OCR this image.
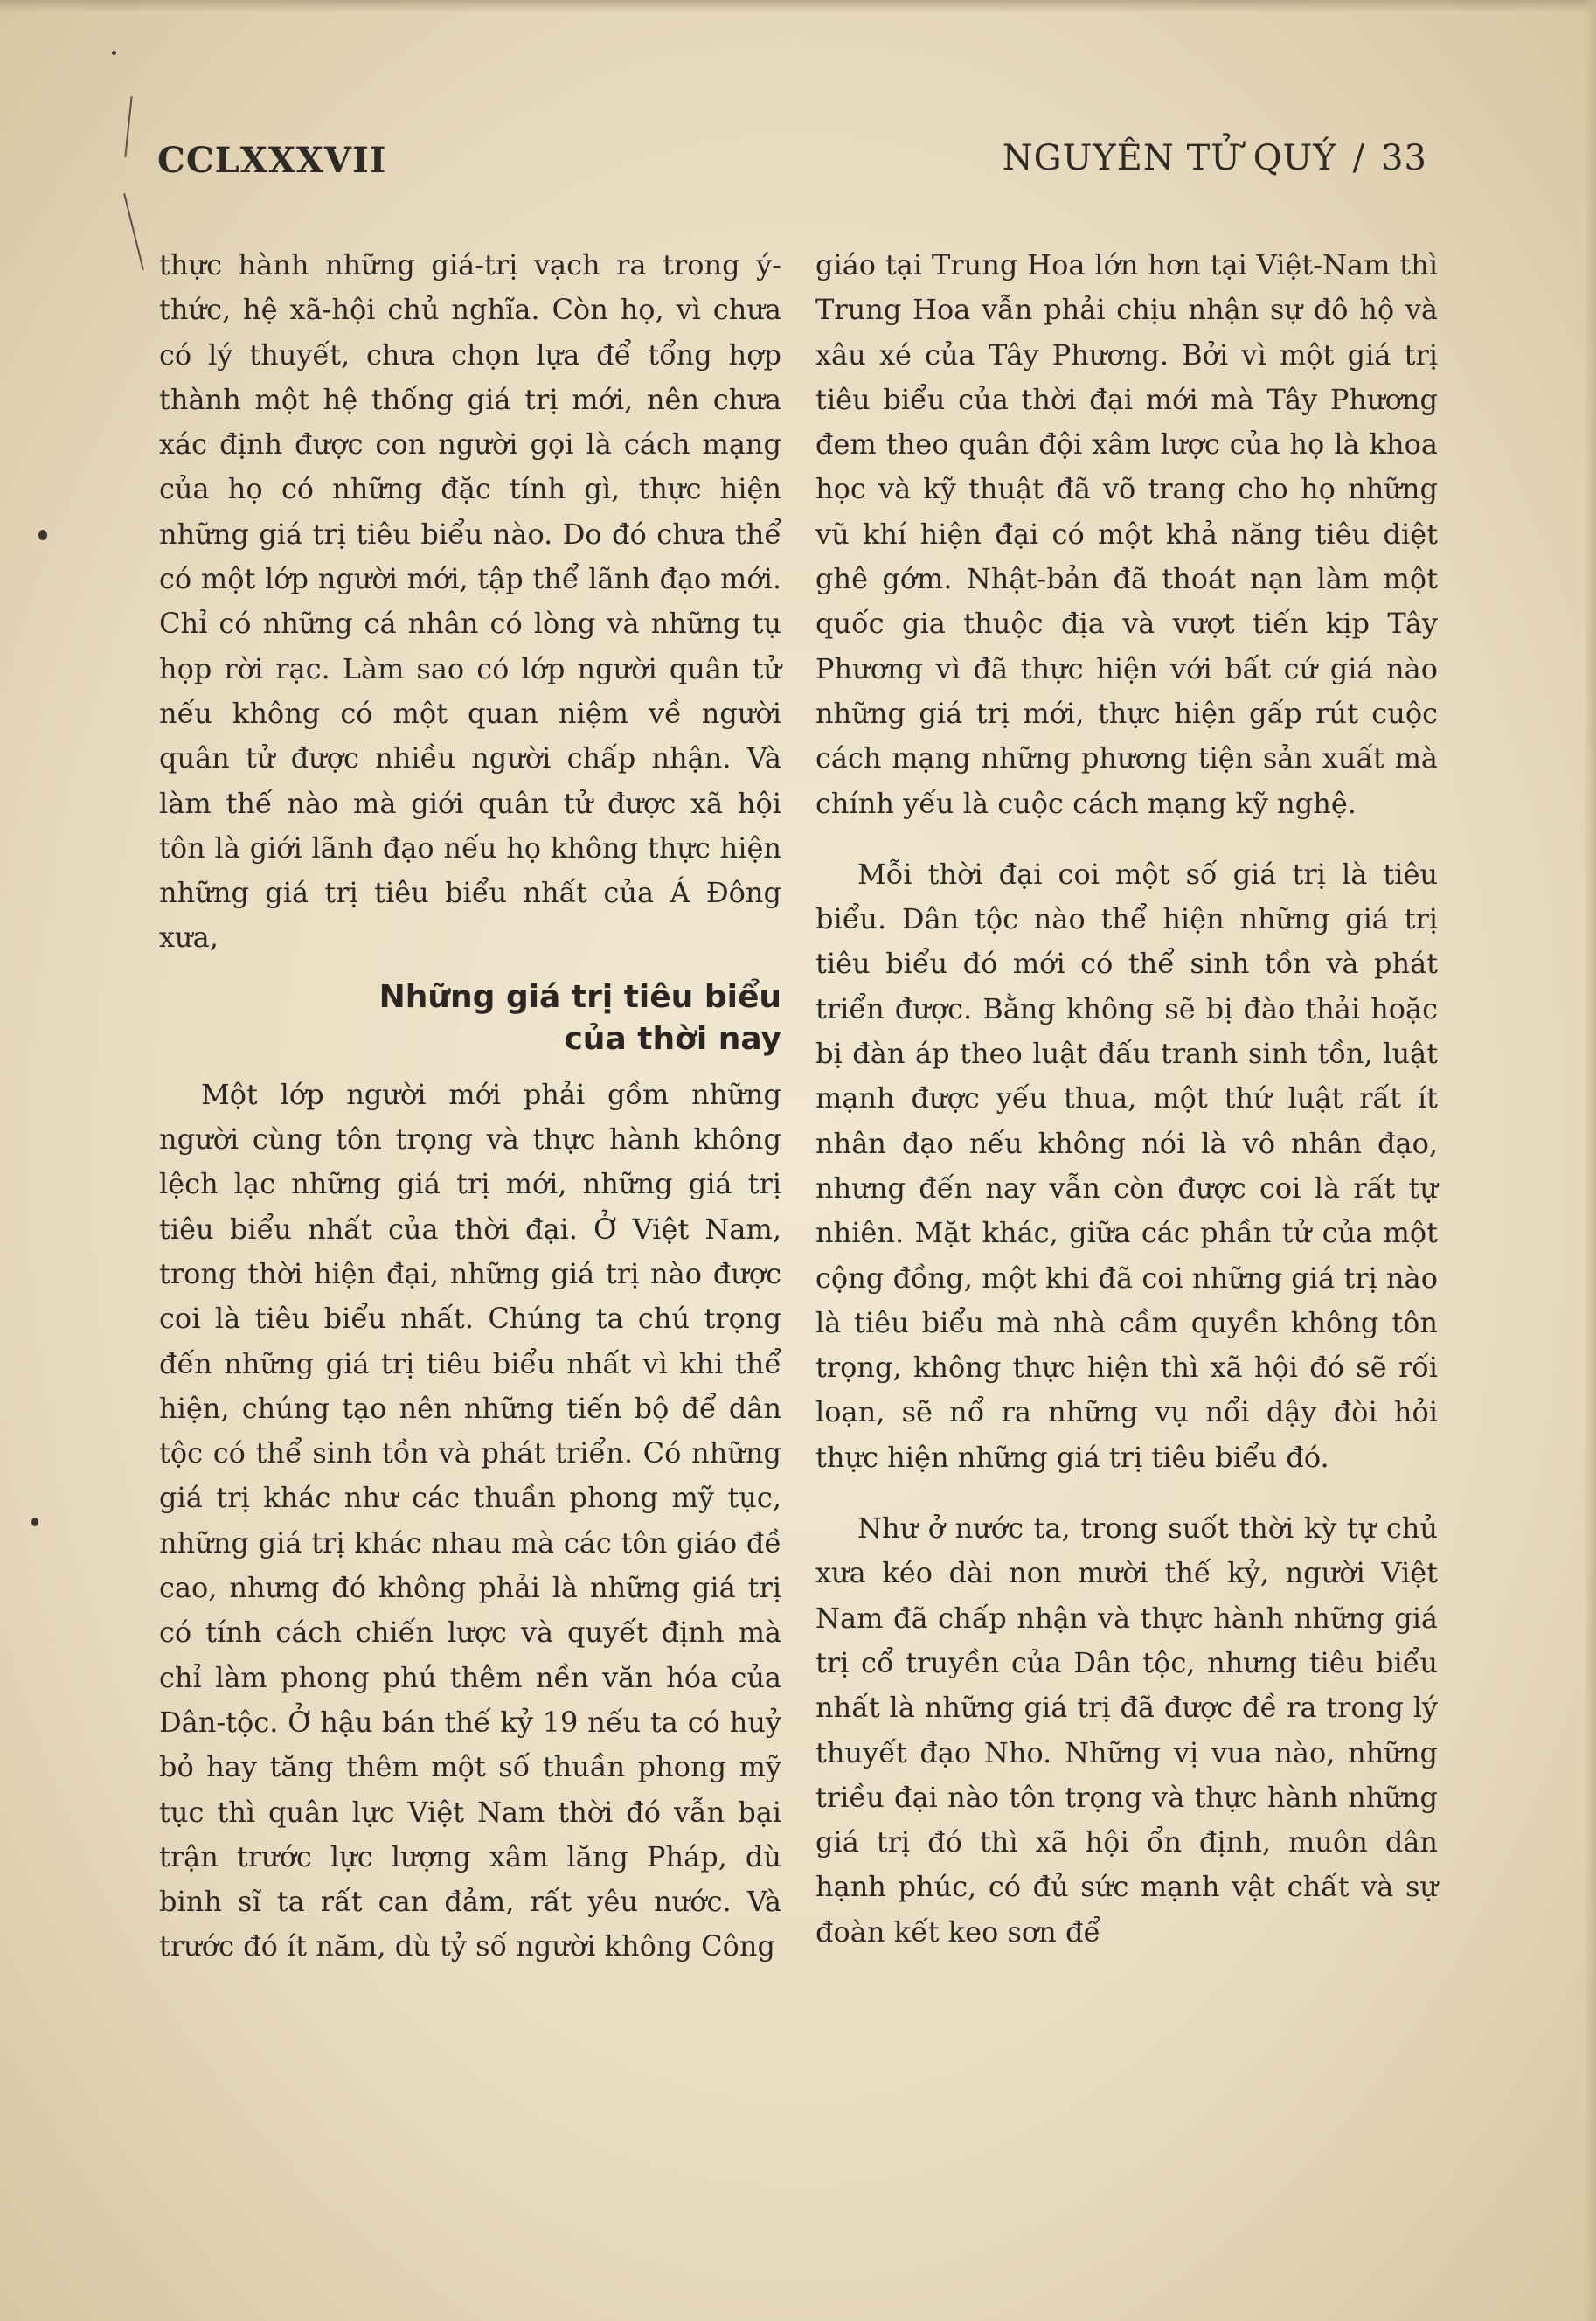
CCLXXXVII	NGUYÊN TỬ QUÝ / 33

thực hành những giá-trị vạch ra trong ý-thức, hệ xã-hội chủ nghĩa. Còn họ, vì chưa có lý thuyết, chưa chọn lựa để tổng hợp thành một hệ thống giá trị mới, nên chưa xác định được con người gọi là cách mạng của họ có những đặc tính gì, thực hiện những giá trị tiêu biểu nào. Do đó chưa thể có một lớp người mới, tập thể lãnh đạo mới. Chỉ có những cá nhân có lòng và những tụ họp rời rạc. Làm sao có lớp người quân tử nếu không có một quan niệm về người quân tử được nhiều người chấp nhận. Và làm thế nào mà giới quân tử được xã hội tôn là giới lãnh đạo nếu họ không thực hiện những giá trị tiêu biểu nhất của Á Đông xưa,

Những giá trị tiêu biểu
của thời nay

Một lớp người mới phải gồm những người cùng tôn trọng và thực hành không lệch lạc những giá trị mới, những giá trị tiêu biểu nhất của thời đại. Ở Việt Nam, trong thời hiện đại, những giá trị nào được coi là tiêu biểu nhất. Chúng ta chú trọng đến những giá trị tiêu biểu nhất vì khi thể hiện, chúng tạo nên những tiến bộ để dân tộc có thể sinh tồn và phát triển. Có những giá trị khác như các thuần phong mỹ tục, những giá trị khác nhau mà các tôn giáo đề cao, nhưng đó không phải là những giá trị có tính cách chiến lược và quyết định mà chỉ làm phong phú thêm nền văn hóa của Dân-tộc. Ở hậu bán thế kỷ 19 nếu ta có huỷ bỏ hay tăng thêm một số thuần phong mỹ tục thì quân lực Việt Nam thời đó vẫn bại trận trước lực lượng xâm lăng Pháp, dù binh sĩ ta rất can đảm, rất yêu nước. Và trước đó ít năm, dù tỷ số người không Công

giáo tại Trung Hoa lớn hơn tại Việt-Nam thì Trung Hoa vẫn phải chịu nhận sự đô hộ và xâu xé của Tây Phương. Bởi vì một giá trị tiêu biểu của thời đại mới mà Tây Phương đem theo quân đội xâm lược của họ là khoa học và kỹ thuật đã võ trang cho họ những vũ khí hiện đại có một khả năng tiêu diệt ghê gớm. Nhật-bản đã thoát nạn làm một quốc gia thuộc địa và vượt tiến kịp Tây Phương vì đã thực hiện với bất cứ giá nào những giá trị mới, thực hiện gấp rút cuộc cách mạng những phương tiện sản xuất mà chính yếu là cuộc cách mạng kỹ nghệ.

Mỗi thời đại coi một số giá trị là tiêu biểu. Dân tộc nào thể hiện những giá trị tiêu biểu đó mới có thể sinh tồn và phát triển được. Bằng không sẽ bị đào thải hoặc bị đàn áp theo luật đấu tranh sinh tồn, luật mạnh được yếu thua, một thứ luật rất ít nhân đạo nếu không nói là vô nhân đạo, nhưng đến nay vẫn còn được coi là rất tự nhiên. Mặt khác, giữa các phần tử của một cộng đồng, một khi đã coi những giá trị nào là tiêu biểu mà nhà cầm quyền không tôn trọng, không thực hiện thì xã hội đó sẽ rối loạn, sẽ nổ ra những vụ nổi dậy đòi hỏi thực hiện những giá trị tiêu biểu đó.

Như ở nước ta, trong suốt thời kỳ tự chủ xưa kéo dài non mười thế kỷ, người Việt Nam đã chấp nhận và thực hành những giá trị cổ truyền của Dân tộc, nhưng tiêu biểu nhất là những giá trị đã được đề ra trong lý thuyết đạo Nho. Những vị vua nào, những triều đại nào tôn trọng và thực hành những giá trị đó thì xã hội ổn định, muôn dân hạnh phúc, có đủ sức mạnh vật chất và sự đoàn kết keo sơn để
